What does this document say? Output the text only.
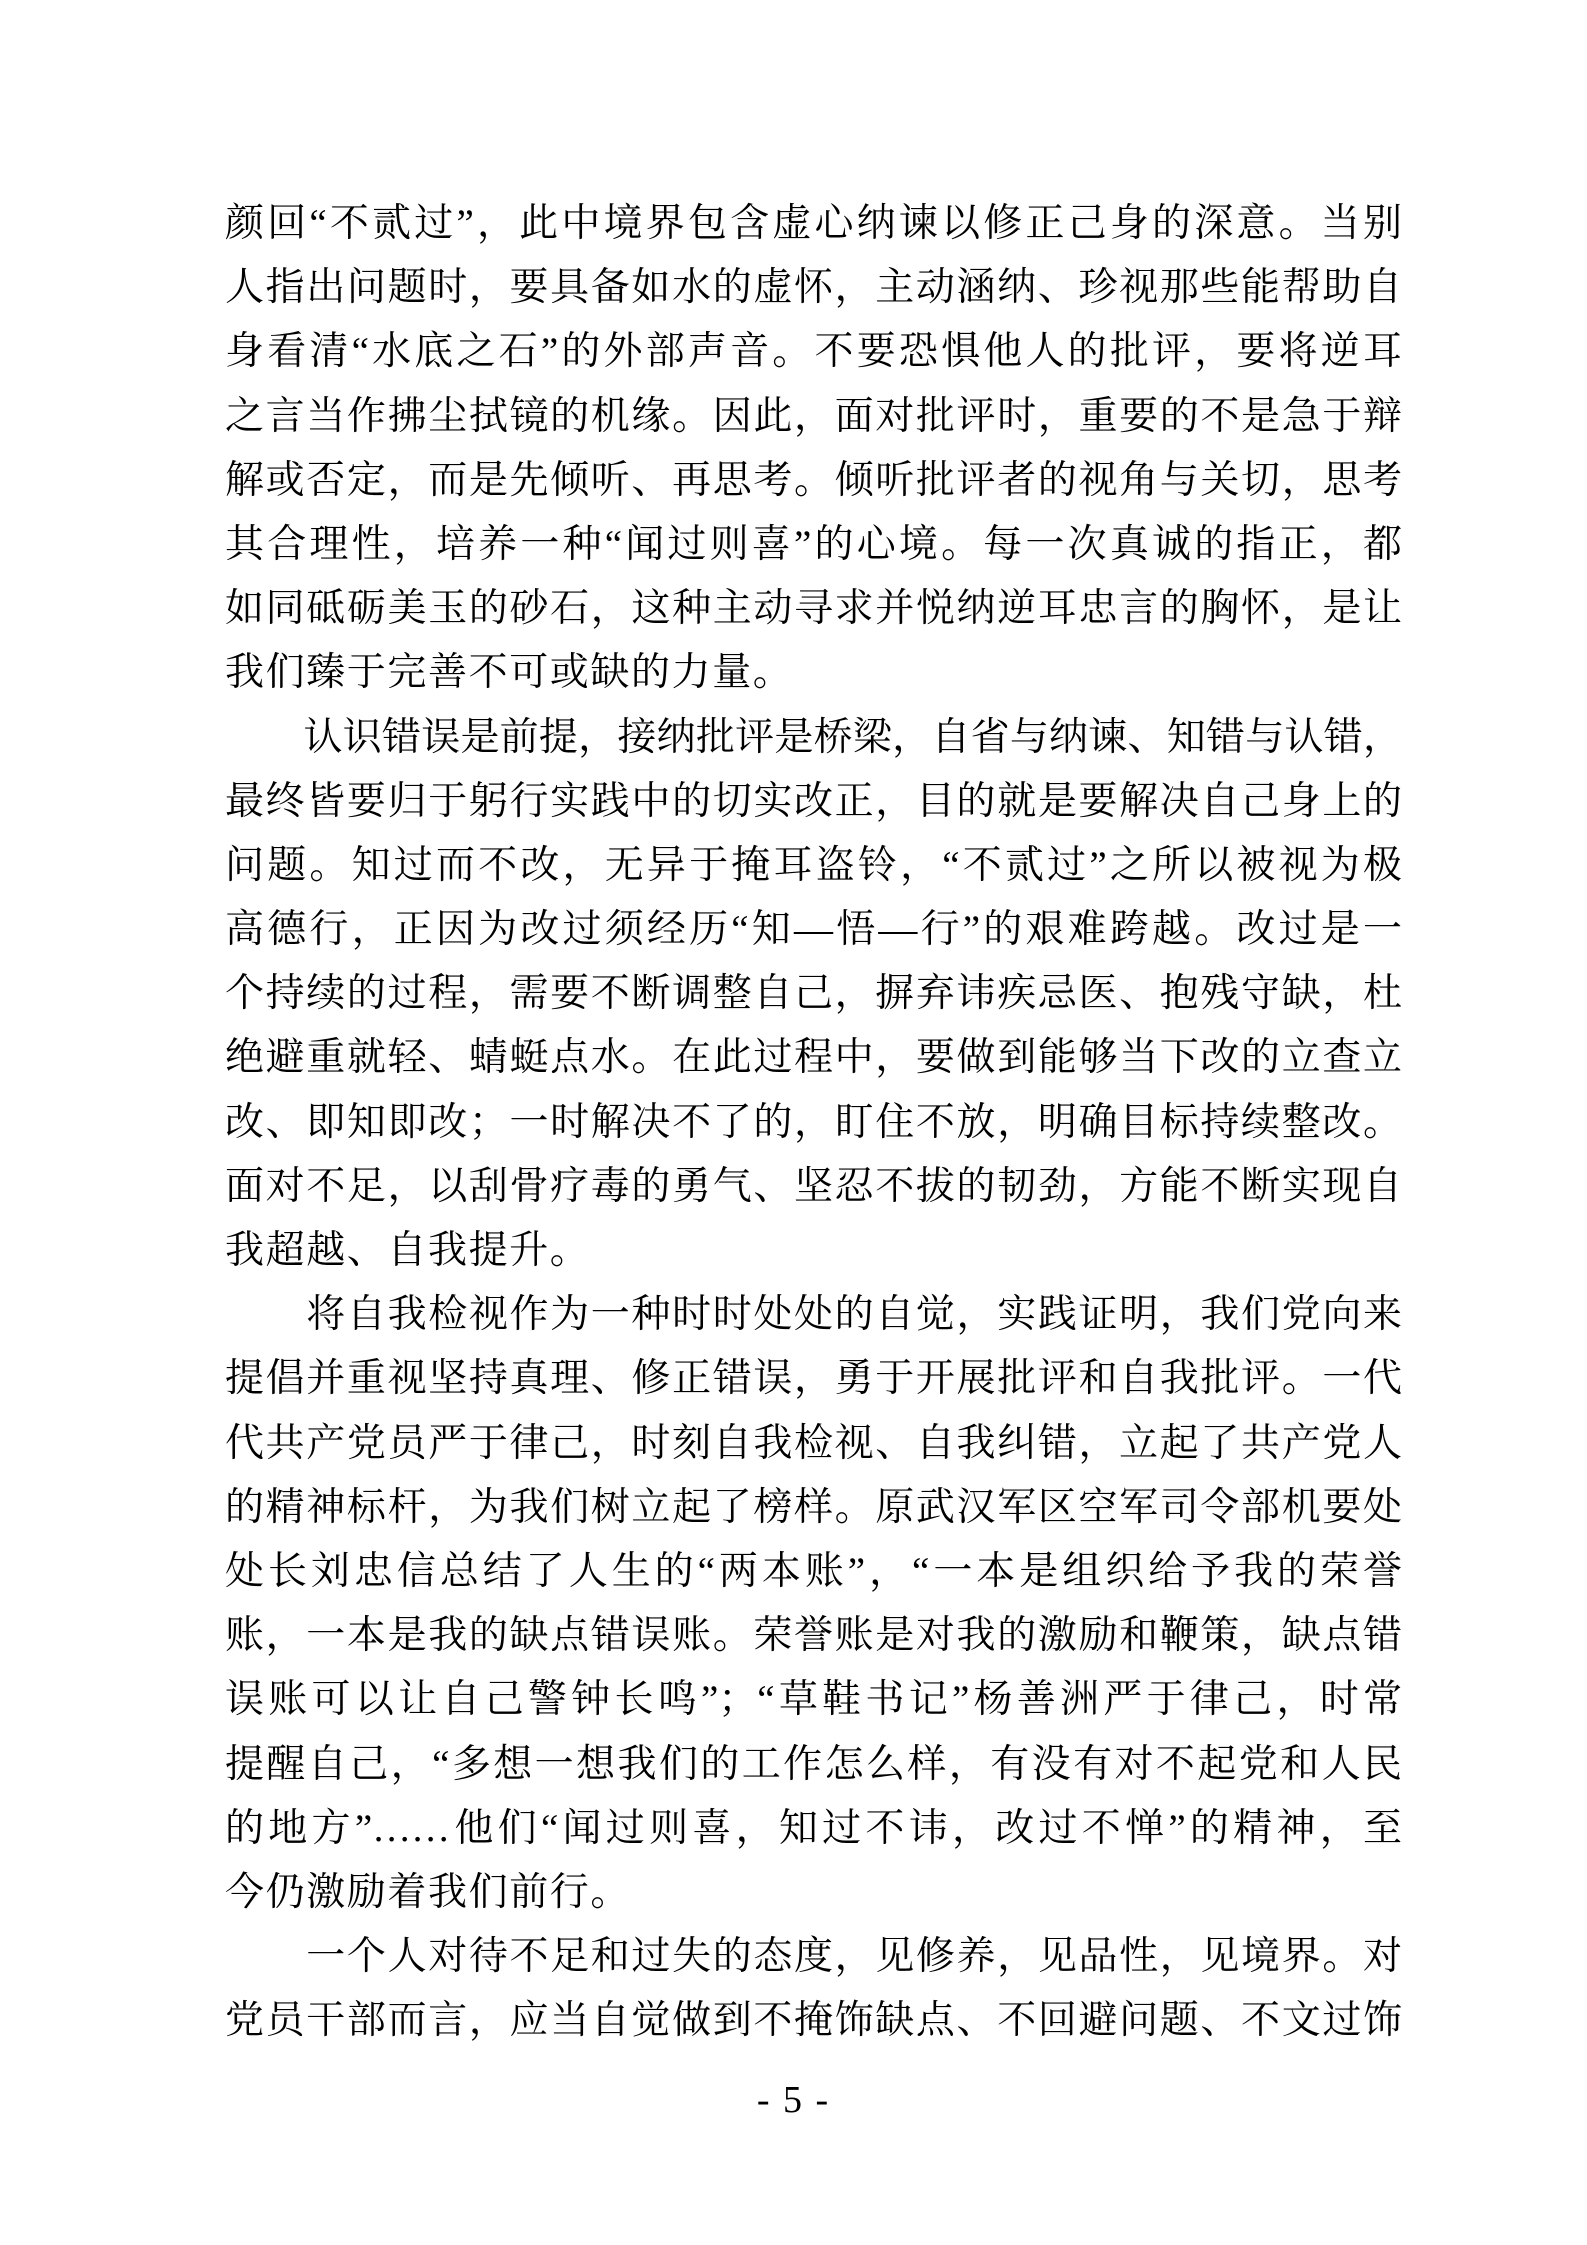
颜回“不贰过”，此中境界包含虚心纳谏以修正己身的深意。当别
人指出问题时，要具备如水的虚怀，主动涵纳、珍视那些能帮助自
身看清“水底之石”的外部声音。不要恐惧他人的批评，要将逆耳
之言当作拂尘拭镜的机缘。因此，面对批评时，重要的不是急于辩
解或否定，而是先倾听、再思考。倾听批评者的视角与关切，思考
其合理性，培养一种“闻过则喜”的心境。每一次真诚的指正，都
如同砥砺美玉的砂石，这种主动寻求并悦纳逆耳忠言的胸怀，是让
我们臻于完善不可或缺的力量。
　　认识错误是前提，接纳批评是桥梁，自省与纳谏、知错与认错，
最终皆要归于躬行实践中的切实改正，目的就是要解决自己身上的
问题。知过而不改，无异于掩耳盗铃，“不贰过”之所以被视为极
高德行，正因为改过须经历“知—悟—行”的艰难跨越。改过是一
个持续的过程，需要不断调整自己，摒弃讳疾忌医、抱残守缺，杜
绝避重就轻、蜻蜓点水。在此过程中，要做到能够当下改的立查立
改、即知即改；一时解决不了的，盯住不放，明确目标持续整改。
面对不足，以刮骨疗毒的勇气、坚忍不拔的韧劲，方能不断实现自
我超越、自我提升。
　　将自我检视作为一种时时处处的自觉，实践证明，我们党向来
提倡并重视坚持真理、修正错误，勇于开展批评和自我批评。一代
代共产党员严于律己，时刻自我检视、自我纠错，立起了共产党人
的精神标杆，为我们树立起了榜样。原武汉军区空军司令部机要处
处长刘忠信总结了人生的“两本账”，“一本是组织给予我的荣誉
账，一本是我的缺点错误账。荣誉账是对我的激励和鞭策，缺点错
误账可以让自己警钟长鸣”；“草鞋书记”杨善洲严于律己，时常
提醒自己，“多想一想我们的工作怎么样，有没有对不起党和人民
的地方”……他们“闻过则喜，知过不讳，改过不惮”的精神，至
今仍激励着我们前行。
　　一个人对待不足和过失的态度，见修养，见品性，见境界。对
党员干部而言，应当自觉做到不掩饰缺点、不回避问题、不文过饰
- 5 -
